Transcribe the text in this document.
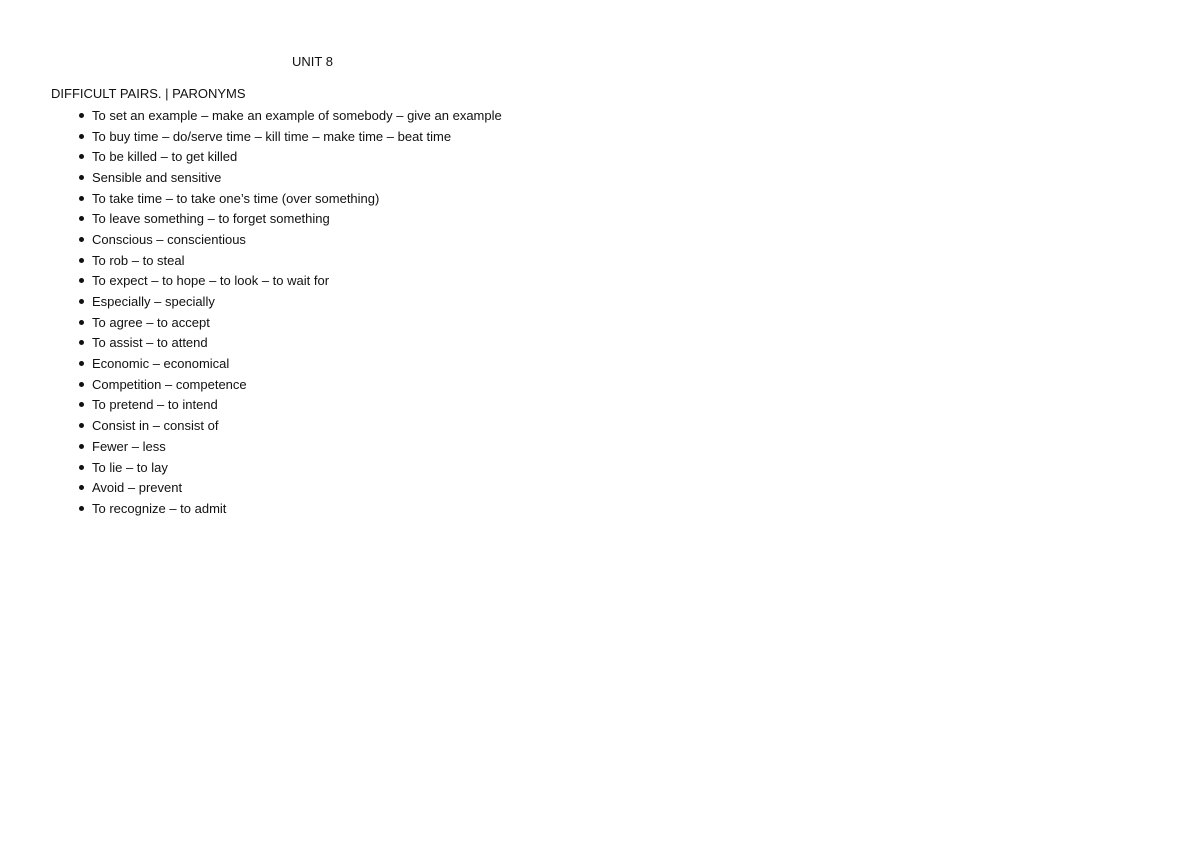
UNIT 8
DIFFICULT PAIRS. | PARONYMS
To set an example – make an example of somebody – give an example
To buy time – do/serve time – kill time – make time – beat time
To be killed – to get killed
Sensible and sensitive
To take time – to take one’s time (over something)
To leave something – to forget something
Conscious – conscientious
To rob – to steal
To expect – to hope – to look – to wait for
Especially – specially
To agree – to accept
To assist – to attend
Economic – economical
Competition – competence
To pretend – to intend
Consist in – consist of
Fewer – less
To lie – to lay
Avoid – prevent
To recognize – to admit
